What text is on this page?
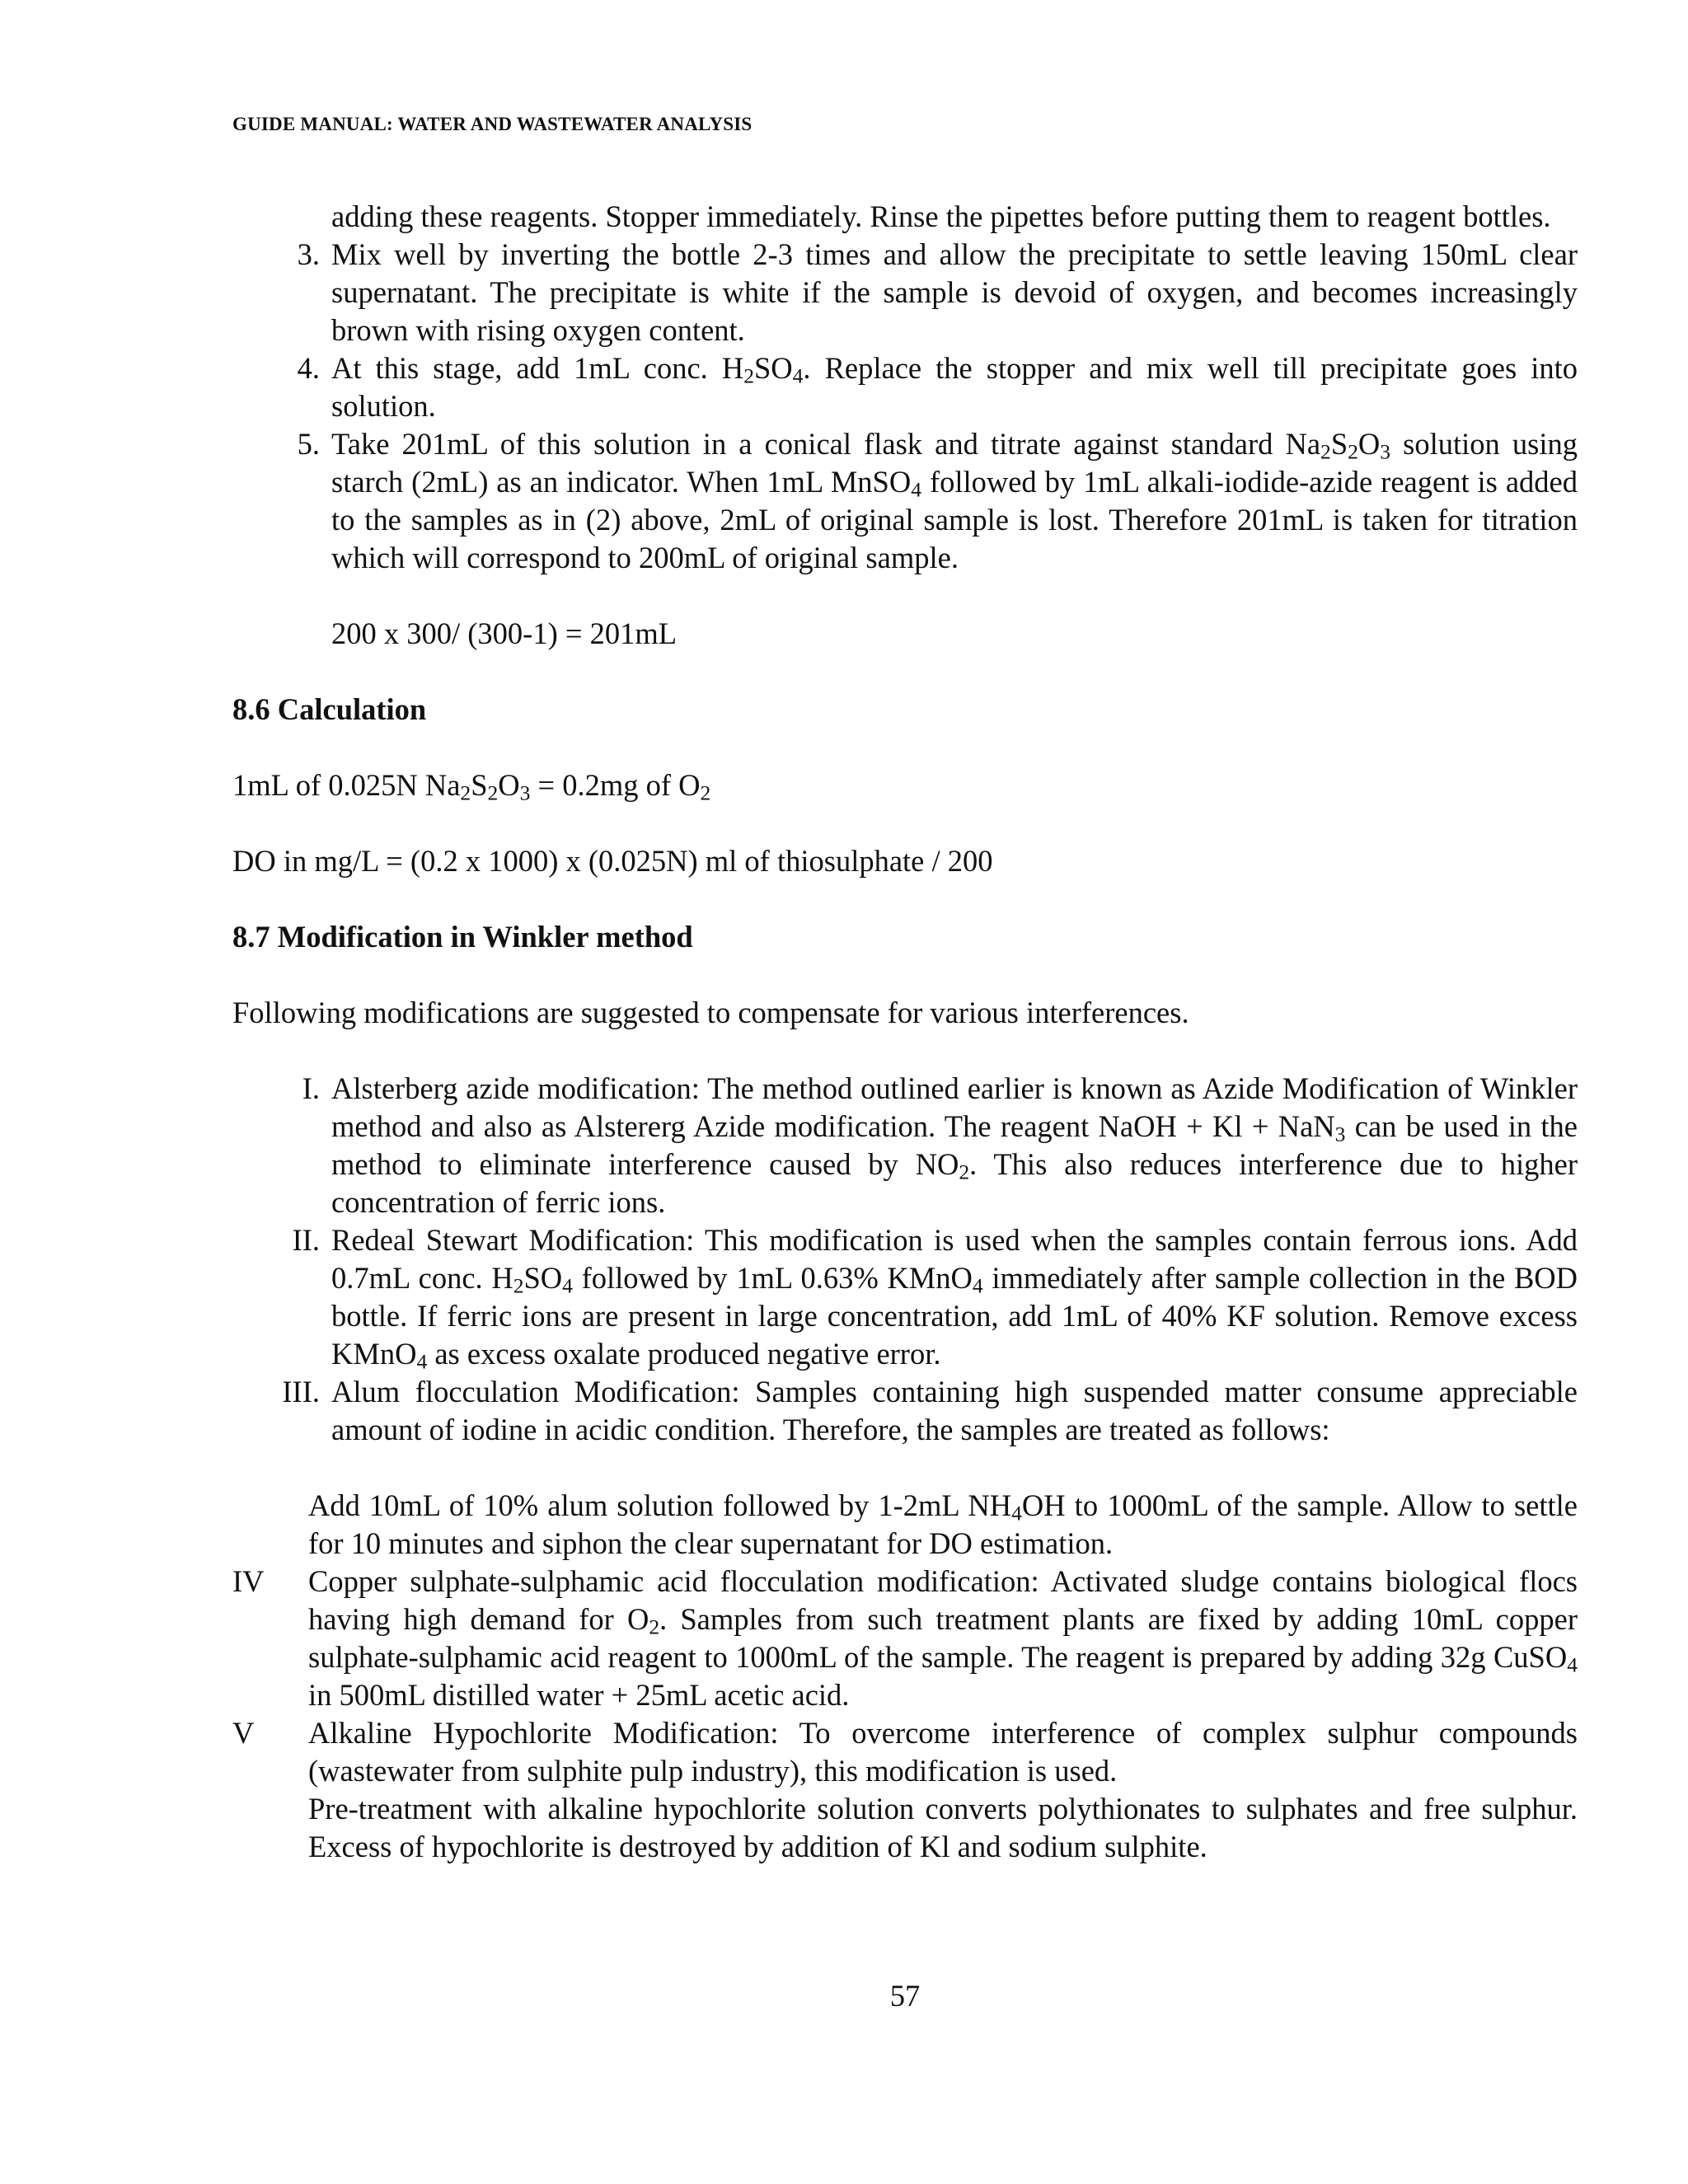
GUIDE MANUAL: WATER AND WASTEWATER ANALYSIS

adding these reagents. Stopper immediately. Rinse the pipettes before putting them to reagent bottles.

3. Mix well by inverting the bottle 2-3 times and allow the precipitate to settle leaving 150mL clear supernatant. The precipitate is white if the sample is devoid of oxygen, and becomes increasingly brown with rising oxygen content.

4. At this stage, add 1mL conc. $H_2SO_4$. Replace the stopper and mix well till precipitate goes into solution.

5. Take 201mL of this solution in a conical flask and titrate against standard $Na_2S_2O_3$ solution using starch (2mL) as an indicator. When 1mL MnSO$_4$ followed by 1mL alkali-iodide-azide reagent is added to the samples as in (2) above, 2mL of original sample is lost. Therefore 201mL is taken for titration which will correspond to 200mL of original sample.

200 x 300/ (300-1) = 201mL

8.6 Calculation

1mL of 0.025N $Na_2S_2O_3 = 0.2mg$ of $O_2$

DO in mg/L = (0.2 x 1000) x (0.025N) ml of thiosulphate / 200

8.7 Modification in Winkler method

Following modifications are suggested to compensate for various interferences.

I. Alsterberg azide modification: The method outlined earlier is known as Azide Modification of Winkler method and also as Alstererg Azide modification. The reagent NaOH + Kl + NaN$_3$ can be used in the method to eliminate interference caused by $NO_2$. This also reduces interference due to higher concentration of ferric ions.

II. Redeal Stewart Modification: This modification is used when the samples contain ferrous ions. Add 0.7mL conc. $H_2SO_4$ followed by 1mL 0.63% KMnO$_4$ immediately after sample collection in the BOD bottle. If ferric ions are present in large concentration, add 1mL of 40% KF solution. Remove excess KMnO$_4$ as excess oxalate produced negative error.

III. Alum flocculation Modification: Samples containing high suspended matter consume appreciable amount of iodine in acidic condition. Therefore, the samples are treated as follows:

Add 10mL of 10% alum solution followed by 1-2mL $NH_4OH$ to 1000mL of the sample. Allow to settle for 10 minutes and siphon the clear supernatant for DO estimation.

IV Copper sulphate-sulphamic acid flocculation modification: Activated sludge contains biological flocs having high demand for $O_2$. Samples from such treatment plants are fixed by adding 10mL copper sulphate-sulphamic acid reagent to 1000mL of the sample. The reagent is prepared by adding 32g CuSO$_4$ in 500mL distilled water + 25mL acetic acid.

V Alkaline Hypochlorite Modification: To overcome interference of complex sulphur compounds (wastewater from sulphite pulp industry), this modification is used.

Pre-treatment with alkaline hypochlorite solution converts polythionates to sulphates and free sulphur. Excess of hypochlorite is destroyed by addition of Kl and sodium sulphite.

57
